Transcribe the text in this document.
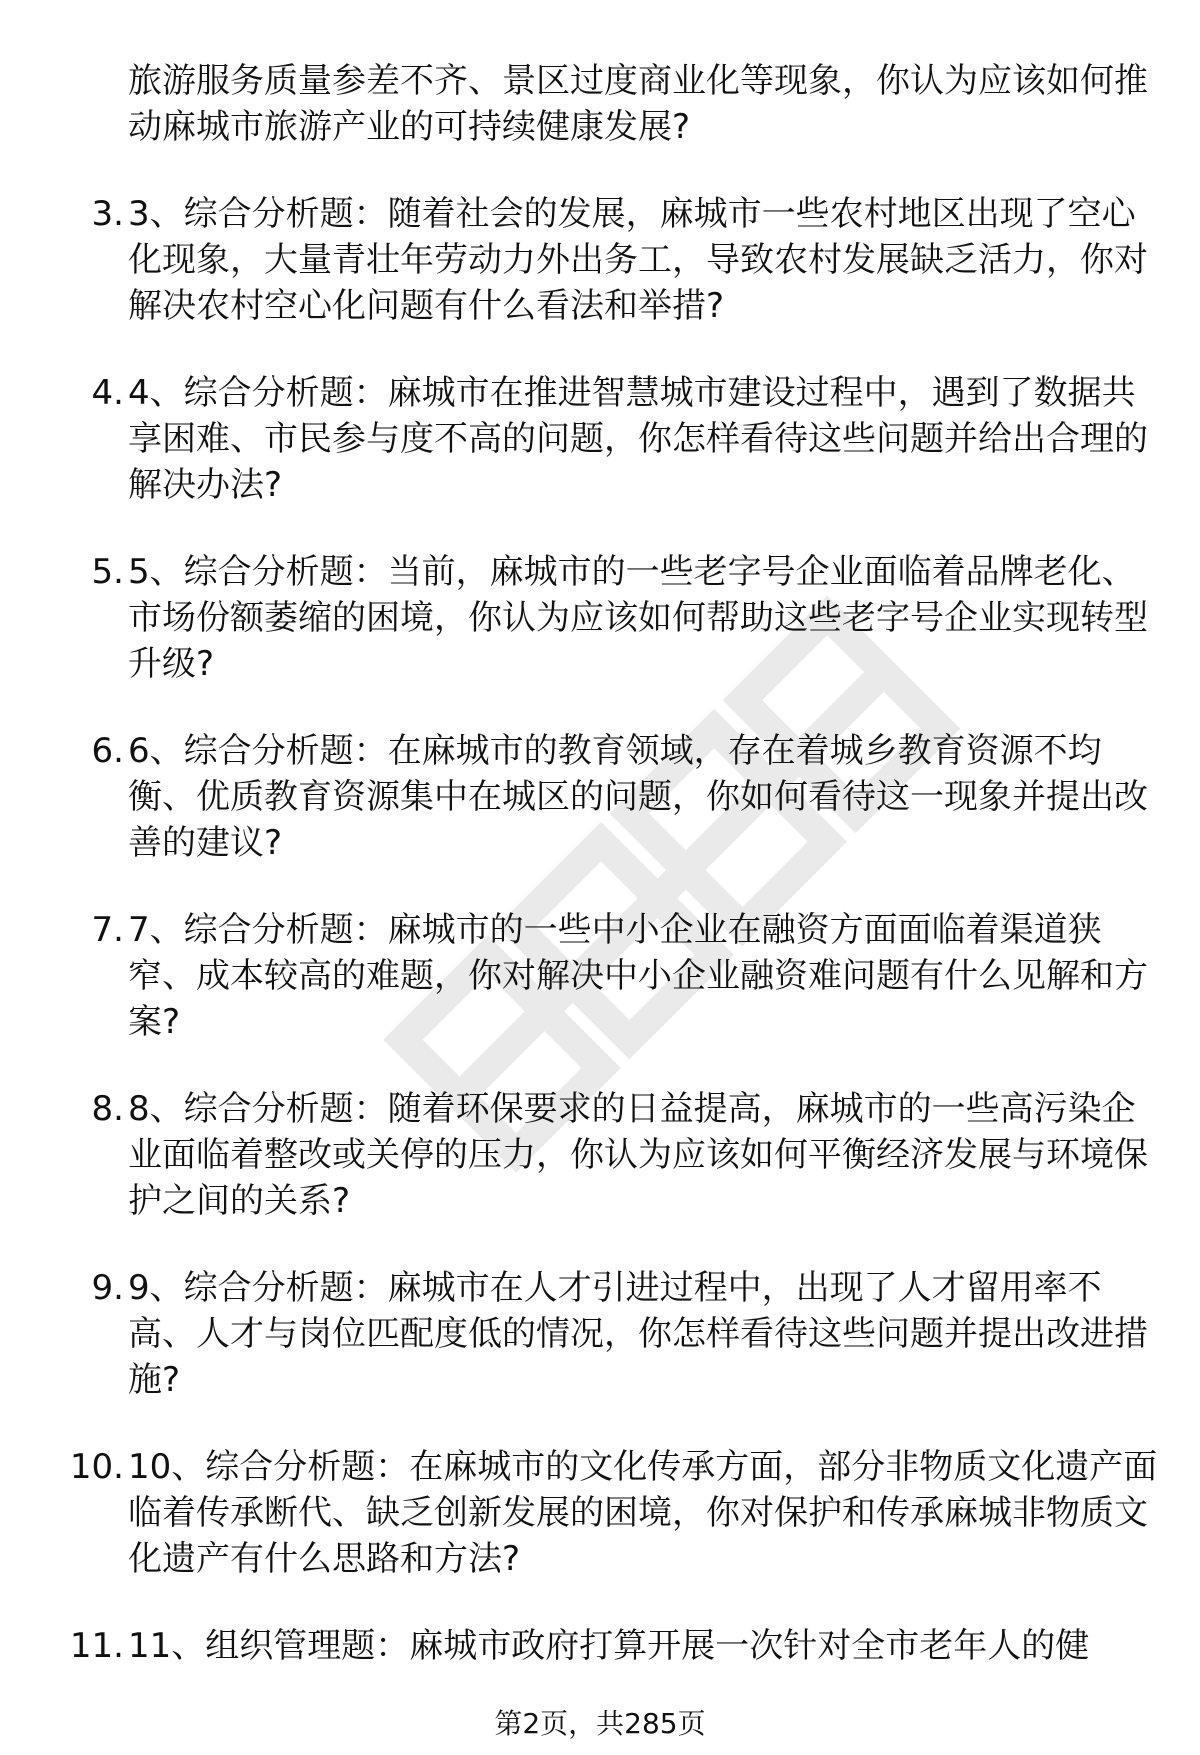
旅游服务质量参差不齐、景区过度商业化等现象，你认为应该如何推动麻城市旅游产业的可持续健康发展?
3. 3、综合分析题：随着社会的发展，麻城市一些农村地区出现了空心化现象，大量青壮年劳动力外出务工，导致农村发展缺乏活力，你对解决农村空心化问题有什么看法和举措?
4. 4、综合分析题：麻城市在推进智慧城市建设过程中，遇到了数据共享困难、市民参与度不高的问题，你怎样看待这些问题并给出合理的解决办法?
5. 5、综合分析题：当前，麻城市的一些老字号企业面临着品牌老化、市场份额萎缩的困境，你认为应该如何帮助这些老字号企业实现转型升级?
6. 6、综合分析题：在麻城市的教育领域，存在着城乡教育资源不均衡、优质教育资源集中在城区的问题，你如何看待这一现象并提出改善的建议?
7. 7、综合分析题：麻城市的一些中小企业在融资方面面临着渠道狭窄、成本较高的难题，你对解决中小企业融资难问题有什么见解和方案?
8. 8、综合分析题：随着环保要求的日益提高，麻城市的一些高污染企业面临着整改或关停的压力，你认为应该如何平衡经济发展与环境保护之间的关系?
9. 9、综合分析题：麻城市在人才引进过程中，出现了人才留用率不高、人才与岗位匹配度低的情况，你怎样看待这些问题并提出改进措施?
10. 10、综合分析题：在麻城市的文化传承方面，部分非物质文化遗产面临着传承断代、缺乏创新发展的困境，你对保护和传承麻城非物质文化遗产有什么思路和方法?
11. 11、组织管理题：麻城市政府打算开展一次针对全市老年人的健
第2页，共285页
